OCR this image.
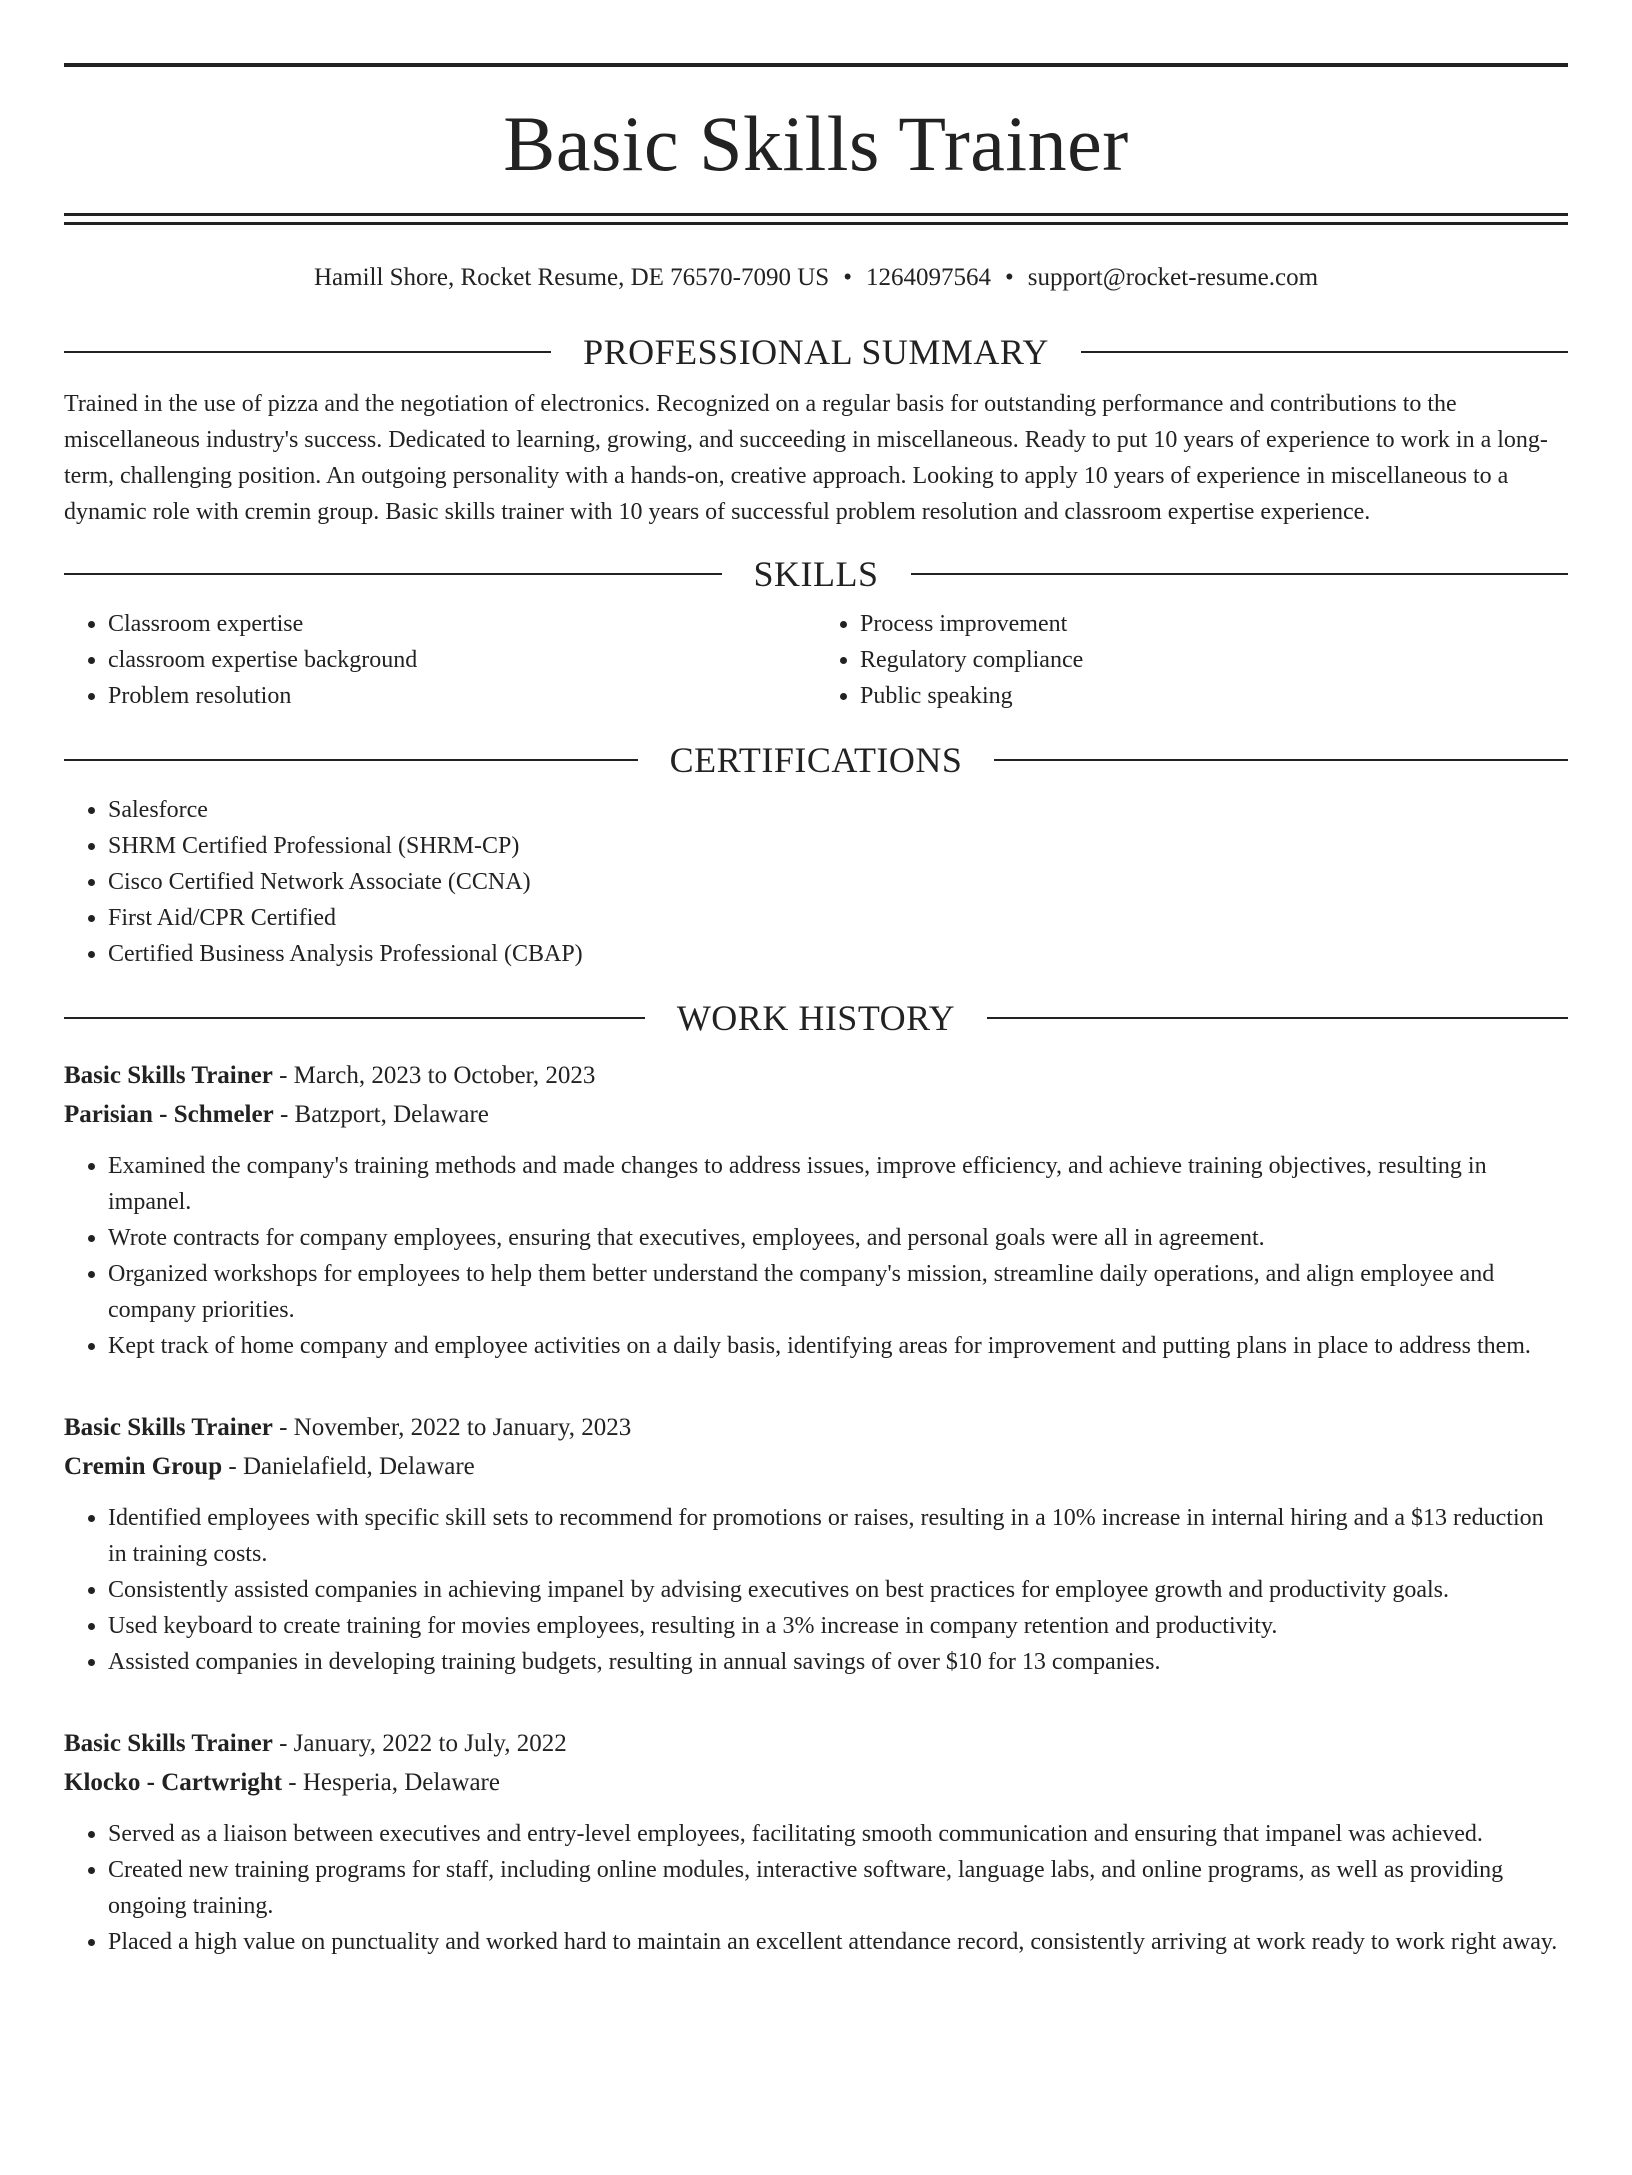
Basic Skills Trainer
Hamill Shore, Rocket Resume, DE 76570-7090 US • 1264097564 • support@rocket-resume.com
PROFESSIONAL SUMMARY

Trained in the use of pizza and the negotiation of electronics. Recognized on a regular basis for outstanding performance and contributions to the miscellaneous industry's success. Dedicated to learning, growing, and succeeding in miscellaneous. Ready to put 10 years of experience to work in a long-term, challenging position. An outgoing personality with a hands-on, creative approach. Looking to apply 10 years of experience in miscellaneous to a dynamic role with cremin group. Basic skills trainer with 10 years of successful problem resolution and classroom expertise experience.

SKILLS
• Classroom expertise
• classroom expertise background
• Problem resolution
• Process improvement
• Regulatory compliance
• Public speaking
CERTIFICATIONS
• Salesforce
• SHRM Certified Professional (SHRM-CP)
• Cisco Certified Network Associate (CCNA)
• First Aid/CPR Certified
• Certified Business Analysis Professional (CBAP)
WORK HISTORY
Basic Skills Trainer - March, 2023 to October, 2023
Parisian - Schmeler - Batzport, Delaware
• Examined the company's training methods and made changes to address issues, improve efficiency, and achieve training objectives, resulting in impanel.
• Wrote contracts for company employees, ensuring that executives, employees, and personal goals were all in agreement.
• Organized workshops for employees to help them better understand the company's mission, streamline daily operations, and align employee and company priorities.
• Kept track of home company and employee activities on a daily basis, identifying areas for improvement and putting plans in place to address them.
Basic Skills Trainer - November, 2022 to January, 2023
Cremin Group - Danielafield, Delaware
• Identified employees with specific skill sets to recommend for promotions or raises, resulting in a 10% increase in internal hiring and a $13 reduction in training costs.
• Consistently assisted companies in achieving impanel by advising executives on best practices for employee growth and productivity goals.
• Used keyboard to create training for movies employees, resulting in a 3% increase in company retention and productivity.
• Assisted companies in developing training budgets, resulting in annual savings of over $10 for 13 companies.
Basic Skills Trainer - January, 2022 to July, 2022
Klocko - Cartwright - Hesperia, Delaware
• Served as a liaison between executives and entry-level employees, facilitating smooth communication and ensuring that impanel was achieved.
• Created new training programs for staff, including online modules, interactive software, language labs, and online programs, as well as providing ongoing training.
• Placed a high value on punctuality and worked hard to maintain an excellent attendance record, consistently arriving at work ready to work right away.
